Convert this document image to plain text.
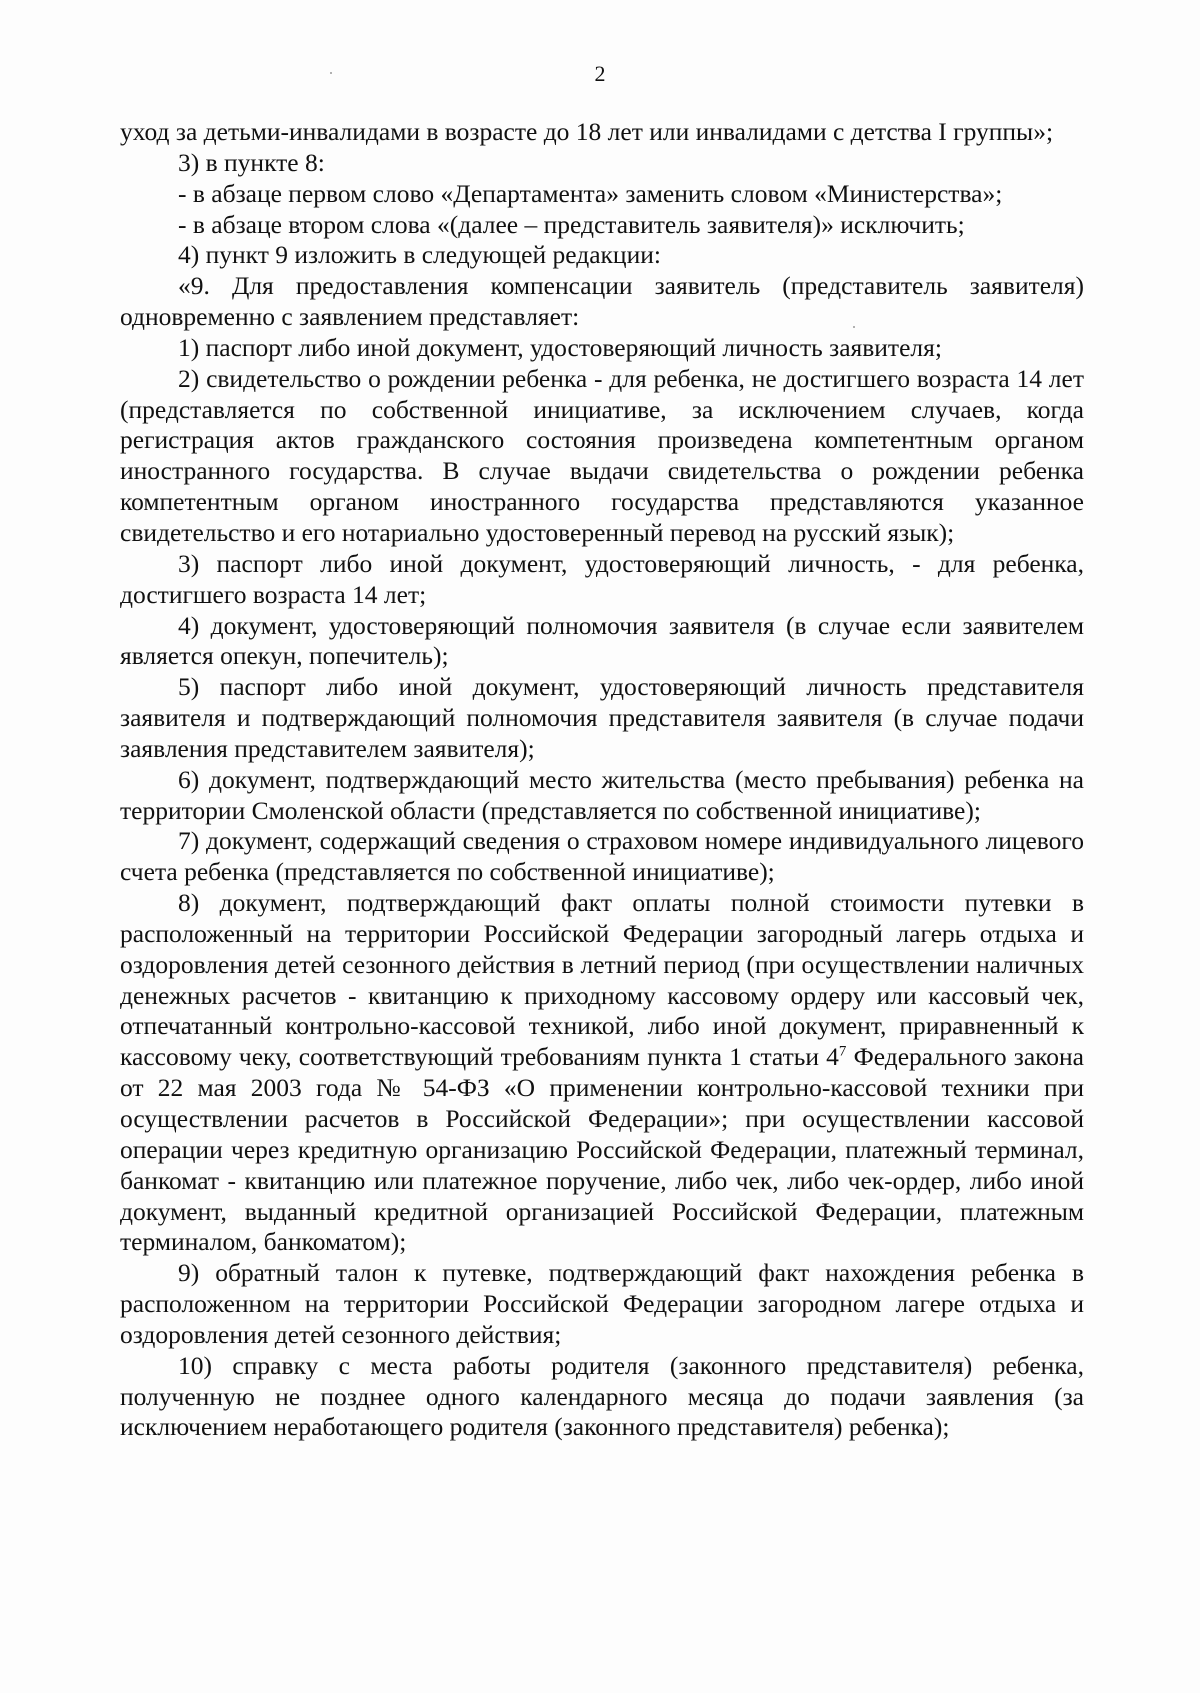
2

уход за детьми-инвалидами в возрасте до 18 лет или инвалидами с детства I группы»;

3) в пункте 8:

- в абзаце первом слово «Департамента» заменить словом «Министерства»;

- в абзаце втором слова «(далее – представитель заявителя)» исключить;

4) пункт 9 изложить в следующей редакции:

«9. Для предоставления компенсации заявитель (представитель заявителя) одновременно с заявлением представляет:

1) паспорт либо иной документ, удостоверяющий личность заявителя;

2) свидетельство о рождении ребенка - для ребенка, не достигшего возраста 14 лет (представляется по собственной инициативе, за исключением случаев, когда регистрация актов гражданского состояния произведена компетентным органом иностранного государства. В случае выдачи свидетельства о рождении ребенка компетентным органом иностранного государства представляются указанное свидетельство и его нотариально удостоверенный перевод на русский язык);

3) паспорт либо иной документ, удостоверяющий личность, - для ребенка, достигшего возраста 14 лет;

4) документ, удостоверяющий полномочия заявителя (в случае если заявителем является опекун, попечитель);

5) паспорт либо иной документ, удостоверяющий личность представителя заявителя и подтверждающий полномочия представителя заявителя (в случае подачи заявления представителем заявителя);

6) документ, подтверждающий место жительства (место пребывания) ребенка на территории Смоленской области (представляется по собственной инициативе);

7) документ, содержащий сведения о страховом номере индивидуального лицевого счета ребенка (представляется по собственной инициативе);

8) документ, подтверждающий факт оплаты полной стоимости путевки в расположенный на территории Российской Федерации загородный лагерь отдыха и оздоровления детей сезонного действия в летний период (при осуществлении наличных денежных расчетов - квитанцию к приходному кассовому ордеру или кассовый чек, отпечатанный контрольно-кассовой техникой, либо иной документ, приравненный к кассовому чеку, соответствующий требованиям пункта 1 статьи $4^7$ Федерального закона от 22 мая 2003 года № 54-ФЗ «О применении контрольно-кассовой техники при осуществлении расчетов в Российской Федерации»; при осуществлении кассовой операции через кредитную организацию Российской Федерации, платежный терминал, банкомат - квитанцию или платежное поручение, либо чек, либо чек-ордер, либо иной документ, выданный кредитной организацией Российской Федерации, платежным терминалом, банкоматом);

9) обратный талон к путевке, подтверждающий факт нахождения ребенка в расположенном на территории Российской Федерации загородном лагере отдыха и оздоровления детей сезонного действия;

10) справку с места работы родителя (законного представителя) ребенка, полученную не позднее одного календарного месяца до подачи заявления (за исключением неработающего родителя (законного представителя) ребенка);
